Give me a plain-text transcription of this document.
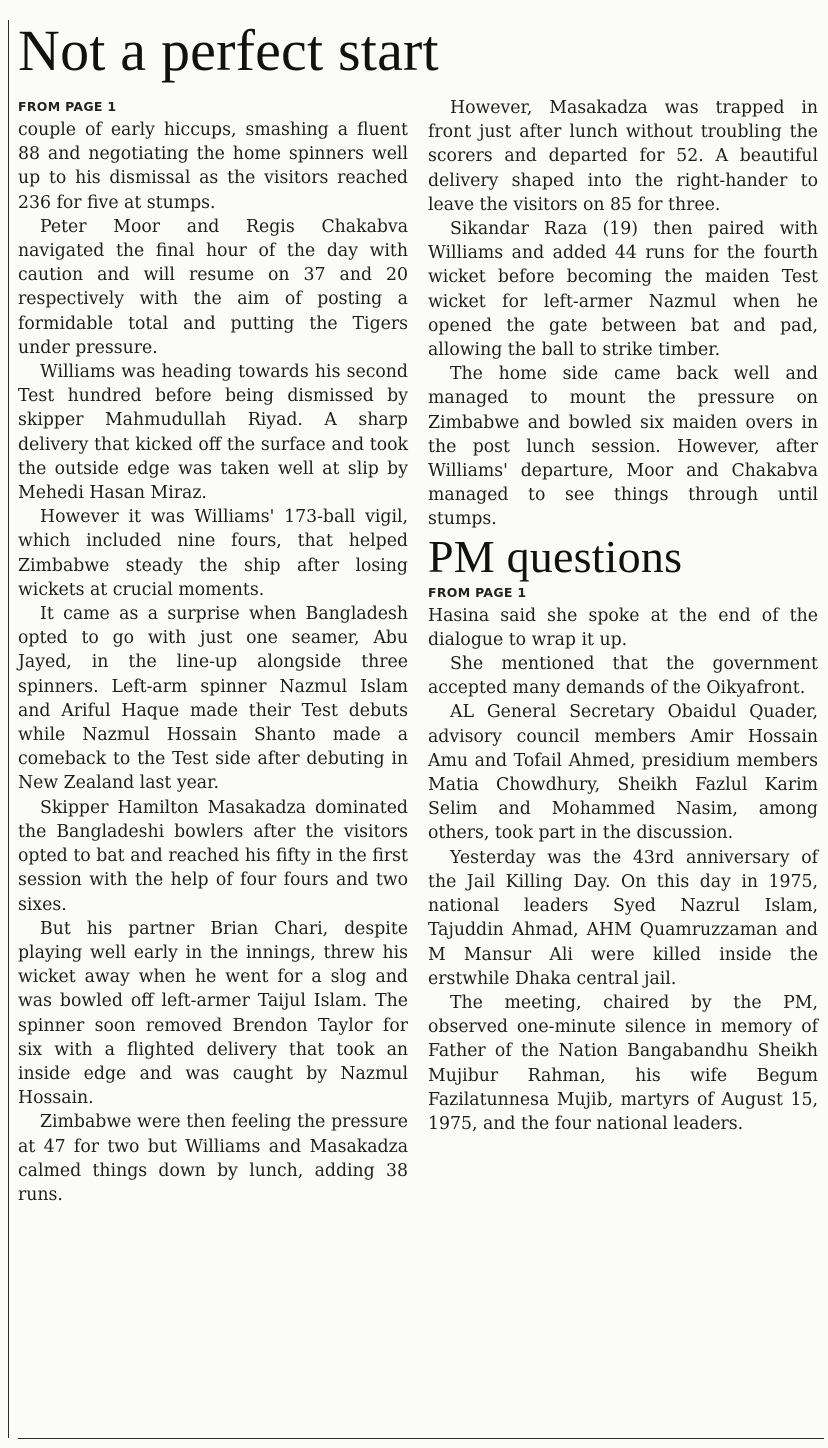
Not a perfect start
FROM PAGE 1

couple of early hiccups, smashing a fluent 88 and negotiating the home spinners well up to his dismissal as the visitors reached 236 for five at stumps.

Peter Moor and Regis Chakabva navigated the final hour of the day with caution and will resume on 37 and 20 respectively with the aim of posting a formidable total and putting the Tigers under pressure.

Williams was heading towards his second Test hundred before being dismissed by skipper Mahmudullah Riyad. A sharp delivery that kicked off the surface and took the outside edge was taken well at slip by Mehedi Hasan Miraz.

However it was Williams' 173-ball vigil, which included nine fours, that helped Zimbabwe steady the ship after losing wickets at crucial moments.

It came as a surprise when Bangladesh opted to go with just one seamer, Abu Jayed, in the line-up alongside three spinners. Left-arm spinner Nazmul Islam and Ariful Haque made their Test debuts while Nazmul Hossain Shanto made a comeback to the Test side after debuting in New Zealand last year.

Skipper Hamilton Masakadza dominated the Bangladeshi bowlers after the visitors opted to bat and reached his fifty in the first session with the help of four fours and two sixes.

But his partner Brian Chari, despite playing well early in the innings, threw his wicket away when he went for a slog and was bowled off left-armer Taijul Islam. The spinner soon removed Brendon Taylor for six with a flighted delivery that took an inside edge and was caught by Nazmul Hossain.

Zimbabwe were then feeling the pressure at 47 for two but Williams and Masakadza calmed things down by lunch, adding 38 runs.

However, Masakadza was trapped in front just after lunch without troubling the scorers and departed for 52. A beautiful delivery shaped into the right-hander to leave the visitors on 85 for three.

Sikandar Raza (19) then paired with Williams and added 44 runs for the fourth wicket before becoming the maiden Test wicket for left-armer Nazmul when he opened the gate between bat and pad, allowing the ball to strike timber.

The home side came back well and managed to mount the pressure on Zimbabwe and bowled six maiden overs in the post lunch session. However, after Williams' departure, Moor and Chakabva managed to see things through until stumps.

PM questions
FROM PAGE 1

Hasina said she spoke at the end of the dialogue to wrap it up.

She mentioned that the government accepted many demands of the Oikyafront.

AL General Secretary Obaidul Quader, advisory council members Amir Hossain Amu and Tofail Ahmed, presidium members Matia Chowdhury, Sheikh Fazlul Karim Selim and Mohammed Nasim, among others, took part in the discussion.

Yesterday was the 43rd anniversary of the Jail Killing Day. On this day in 1975, national leaders Syed Nazrul Islam, Tajuddin Ahmad, AHM Quamruzzaman and M Mansur Ali were killed inside the erstwhile Dhaka central jail.

The meeting, chaired by the PM, observed one-minute silence in memory of Father of the Nation Bangabandhu Sheikh Mujibur Rahman, his wife Begum Fazilatunnesa Mujib, martyrs of August 15, 1975, and the four national leaders.
